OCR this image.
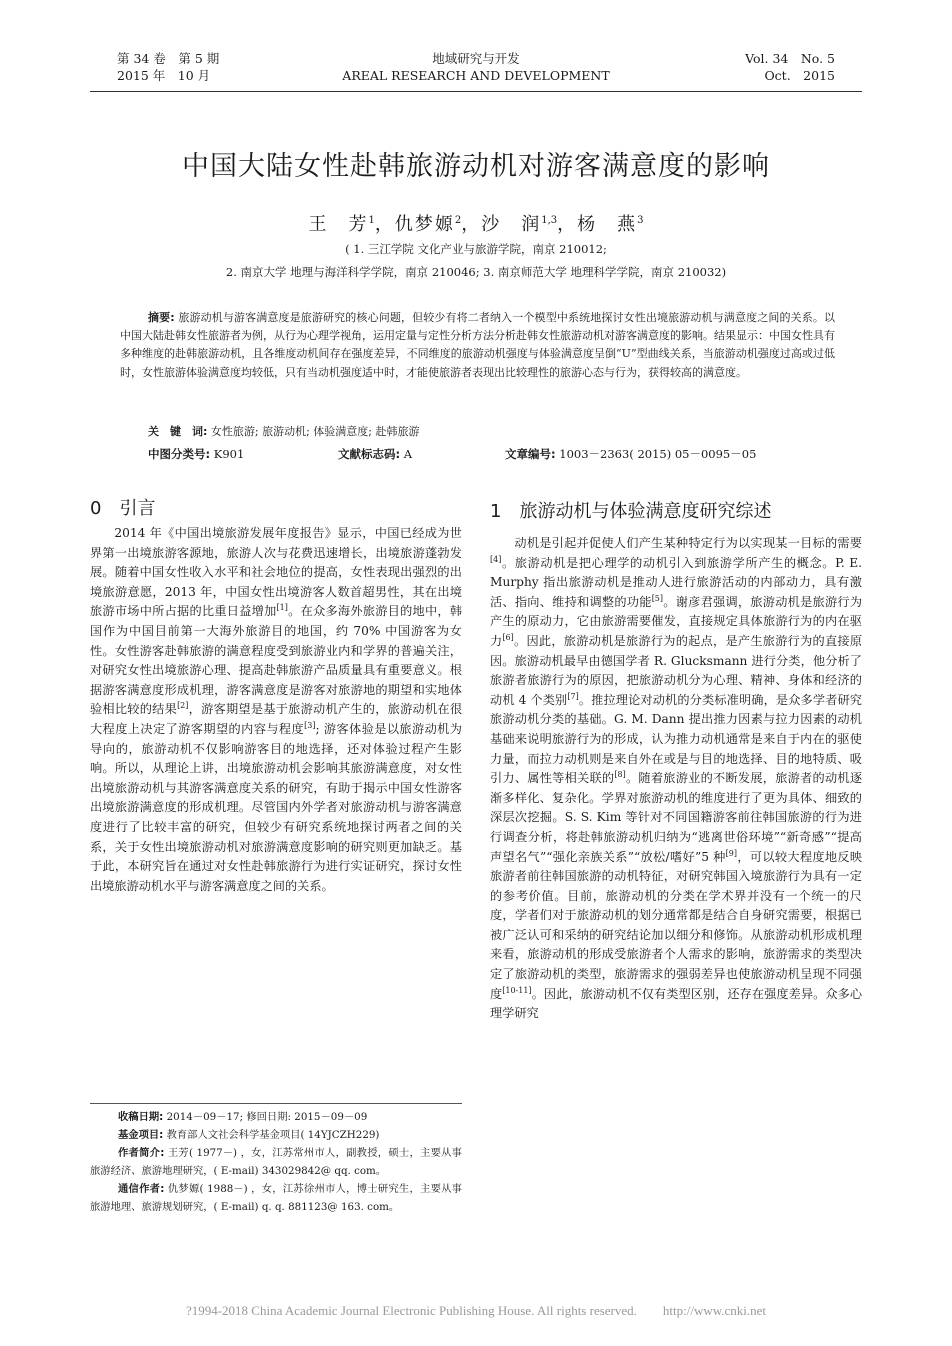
第 34 卷　第 5 期
2015 年　10 月
地域研究与开发
AREAL RESEARCH AND DEVELOPMENT
Vol. 34　No. 5
Oct.　2015
中国大陆女性赴韩旅游动机对游客满意度的影响
王　芳$^1$，仇梦嫄$^2$，沙　润$^{1,3}$，杨　燕$^3$
( 1. 三江学院 文化产业与旅游学院，南京 210012;
2. 南京大学 地理与海洋科学学院，南京 210046; 3. 南京师范大学 地理科学学院，南京 210032)
摘要: 旅游动机与游客满意度是旅游研究的核心问题，但较少有将二者纳入一个模型中系统地探讨女性出境旅游动机与满意度之间的关系。以中国大陆赴韩女性旅游者为例，从行为心理学视角，运用定量与定性分析方法分析赴韩女性旅游动机对游客满意度的影响。结果显示：中国女性具有多种维度的赴韩旅游动机，且各维度动机间存在强度差异，不同维度的旅游动机强度与体验满意度呈倒“U”型曲线关系，当旅游动机强度过高或过低时，女性旅游体验满意度均较低，只有当动机强度适中时，才能使旅游者表现出比较理性的旅游心态与行为，获得较高的满意度。
关　键　词: 女性旅游; 旅游动机; 体验满意度; 赴韩旅游
中图分类号: K901	文献标志码: A	文章编号: 1003－2363( 2015) 05－0095－05
0 引言	1 旅游动机与体验满意度研究综述

2014 年《中国出境旅游发展年度报告》显示，中国已经成为世界第一出境旅游客源地，旅游人次与花费迅速增长，出境旅游蓬勃发展。随着中国女性收入水平和社会地位的提高，女性表现出强烈的出境旅游意愿，2013 年，中国女性出境游客人数首超男性，其在出境旅游市场中所占据的比重日益增加[1]。在众多海外旅游目的地中，韩国作为中国目前第一大海外旅游目的地国，约 70% 中国游客为女性。女性游客赴韩旅游的满意程度受到旅游业内和学界的普遍关注，对研究女性出境旅游心理、提高赴韩旅游产品质量具有重要意义。根据游客满意度形成机理，游客满意度是游客对旅游地的期望和实地体验相比较的结果[2]，游客期望是基于旅游动机产生的，旅游动机在很大程度上决定了游客期望的内容与程度[3]; 游客体验是以旅游动机为导向的，旅游动机不仅影响游客目的地选择，还对体验过程产生影响。所以，从理论上讲，出境旅游动机会影响其旅游满意度，对女性出境旅游动机与其游客满意度关系的研究，有助于揭示中国女性游客出境旅游满意度的形成机理。尽管国内外学者对旅游动机与游客满意度进行了比较丰富的研究，但较少有研究系统地探讨两者之间的关系，关于女性出境旅游动机对旅游满意度影响的研究则更加缺乏。基于此，本研究旨在通过对女性赴韩旅游行为进行实证研究，探讨女性出境旅游动机水平与游客满意度之间的关系。

动机是引起并促使人们产生某种特定行为以实现某一目标的需要[4]。旅游动机是把心理学的动机引入到旅游学所产生的概念。P. E. Murphy 指出旅游动机是推动人进行旅游活动的内部动力，具有激活、指向、维持和调整的功能[5]。谢彦君强调，旅游动机是旅游行为产生的原动力，它由旅游需要催发，直接规定具体旅游行为的内在驱力[6]。因此，旅游动机是旅游行为的起点，是产生旅游行为的直接原因。旅游动机最早由德国学者 R. Glucksmann 进行分类，他分析了旅游者旅游行为的原因，把旅游动机分为心理、精神、身体和经济的动机 4 个类别[7]。推拉理论对动机的分类标准明确，是众多学者研究旅游动机分类的基础。G. M. Dann 提出推力因素与拉力因素的动机基础来说明旅游行为的形成，认为推力动机通常是来自于内在的驱使力量，而拉力动机则是来自外在或是与目的地选择、目的地特质、吸引力、属性等相关联的[8]。随着旅游业的不断发展，旅游者的动机逐渐多样化、复杂化。学界对旅游动机的维度进行了更为具体、细致的深层次挖掘。S. S. Kim 等针对不同国籍游客前往韩国旅游的行为进行调查分析，将赴韩旅游动机归纳为“逃离世俗环境”“新奇感”“提高声望名气”“强化亲族关系”“放松/嗜好”5 种[9]，可以较大程度地反映旅游者前往韩国旅游的动机特征，对研究韩国入境旅游行为具有一定的参考价值。目前，旅游动机的分类在学术界并没有一个统一的尺度，学者们对于旅游动机的划分通常都是结合自身研究需要，根据已被广泛认可和采纳的研究结论加以细分和修饰。从旅游动机形成机理来看，旅游动机的形成受旅游者个人需求的影响，旅游需求的类型决定了旅游动机的类型，旅游需求的强弱差异也使旅游动机呈现不同强度[10-11]。因此，旅游动机不仅有类型区别，还存在强度差异。众多心理学研究

收稿日期: 2014－09－17; 修回日期: 2015－09－09
基金项目: 教育部人文社会科学基金项目( 14YJCZH229)
作者简介: 王芳( 1977－) ，女，江苏常州市人，副教授，硕士，主要从事旅游经济、旅游地理研究，( E-mail) 343029842@ qq. com。
通信作者: 仇梦嫄( 1988－) ，女，江苏徐州市人，博士研究生，主要从事旅游地理、旅游规划研究，( E-mail) q. q. 881123@ 163. com。
?1994-2018 China Academic Journal Electronic Publishing House. All rights reserved.　　http://www.cnki.net
